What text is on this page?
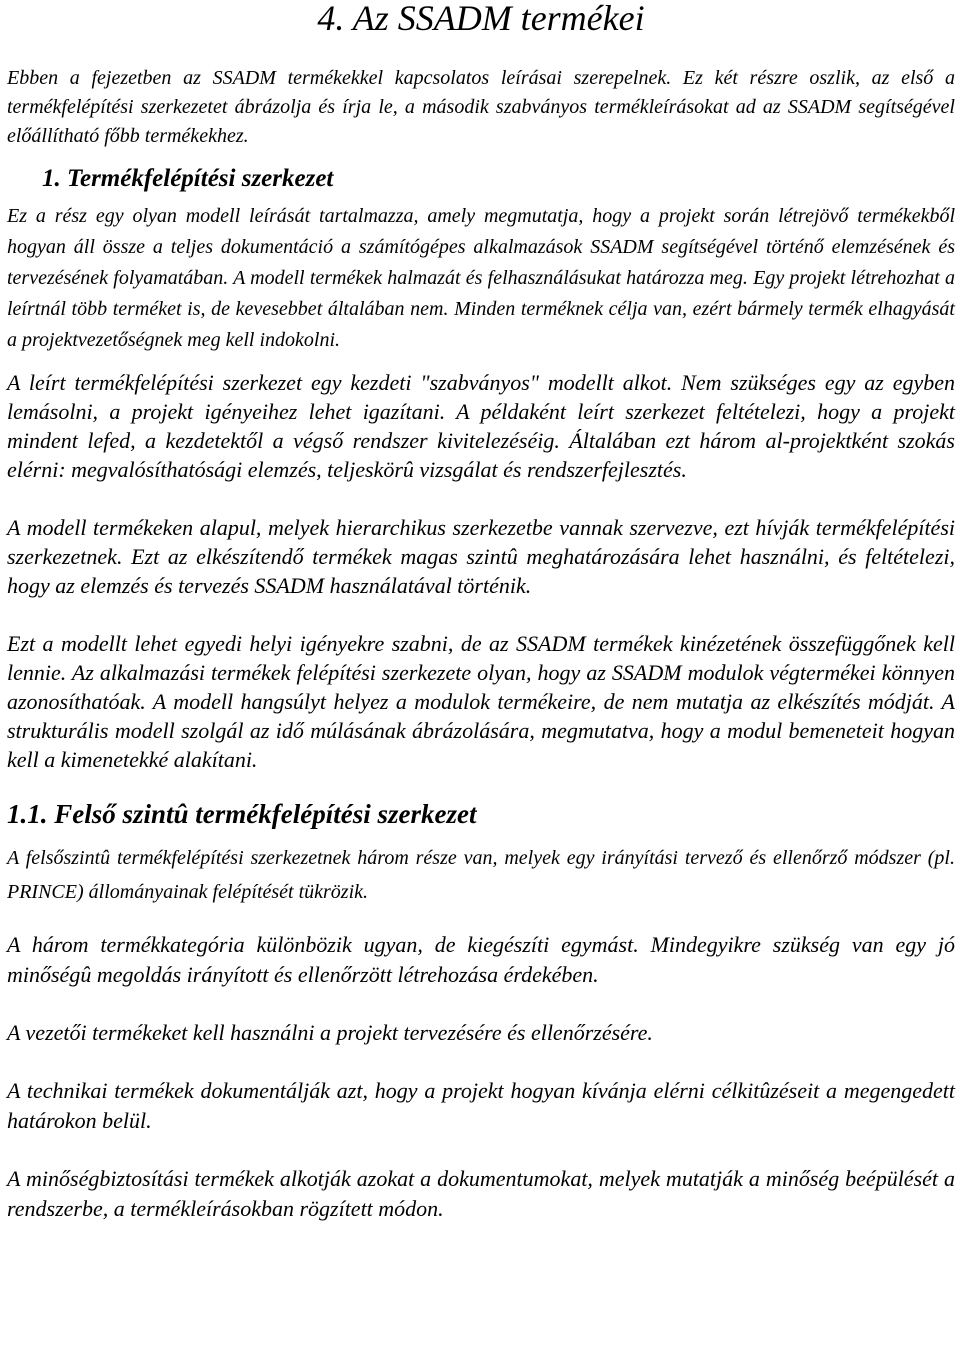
4. Az SSADM termékei

Ebben a fejezetben az SSADM termékekkel kapcsolatos leírásai szerepelnek. Ez két részre oszlik, az első a termékfelépítési szerkezetet ábrázolja és írja le, a második szabványos termékleírásokat ad az SSADM segítségével előállítható főbb termékekhez.

1. Termékfelépítési szerkezet

Ez a rész egy olyan modell leírását tartalmazza, amely megmutatja, hogy a projekt során létrejövő termékekből hogyan áll össze a teljes dokumentáció a számítógépes alkalmazások SSADM segítségével történő elemzésének és tervezésének folyamatában. A modell termékek halmazát és felhasználásukat határozza meg. Egy projekt létrehozhat a leírtnál több terméket is, de kevesebbet általában nem. Minden terméknek célja van, ezért bármely termék elhagyását a projektvezetőségnek meg kell indokolni.

A leírt termékfelépítési szerkezet egy kezdeti "szabványos" modellt alkot. Nem szükséges egy az egyben lemásolni, a projekt igényeihez lehet igazítani. A példaként leírt szerkezet feltételezi, hogy a projekt mindent lefed, a kezdetektől a végső rendszer kivitelezéséig. Általában ezt három al-projektként szokás elérni: megvalósíthatósági elemzés, teljeskörû vizsgálat és rendszerfejlesztés.

A modell termékeken alapul, melyek hierarchikus szerkezetbe vannak szervezve, ezt hívják termékfelépítési szerkezetnek. Ezt az elkészítendő termékek magas szintû meghatározására lehet használni, és feltételezi, hogy az elemzés és tervezés SSADM használatával történik.

Ezt a modellt lehet egyedi helyi igényekre szabni, de az SSADM termékek kinézetének összefüggőnek kell lennie. Az alkalmazási termékek felépítési szerkezete olyan, hogy az SSADM modulok végtermékei könnyen azonosíthatóak. A modell hangsúlyt helyez a modulok termékeire, de nem mutatja az elkészítés módját. A strukturális modell szolgál az idő múlásának ábrázolására, megmutatva, hogy a modul bemeneteit hogyan kell a kimenetekké alakítani.

1.1. Felső szintû termékfelépítési szerkezet

A felsőszintû termékfelépítési szerkezetnek három része van, melyek egy irányítási tervező és ellenőrző módszer (pl. PRINCE) állományainak felépítését tükrözik.

A három termékkategória különbözik ugyan, de kiegészíti egymást. Mindegyikre szükség van egy jó minőségû megoldás irányított és ellenőrzött létrehozása érdekében.

A vezetői termékeket kell használni a projekt tervezésére és ellenőrzésére.

A technikai termékek dokumentálják azt, hogy a projekt hogyan kívánja elérni célkitûzéseit a megengedett határokon belül.

A minőségbiztosítási termékek alkotják azokat a dokumentumokat, melyek mutatják a minőség beépülését a rendszerbe, a termékleírásokban rögzített módon.
